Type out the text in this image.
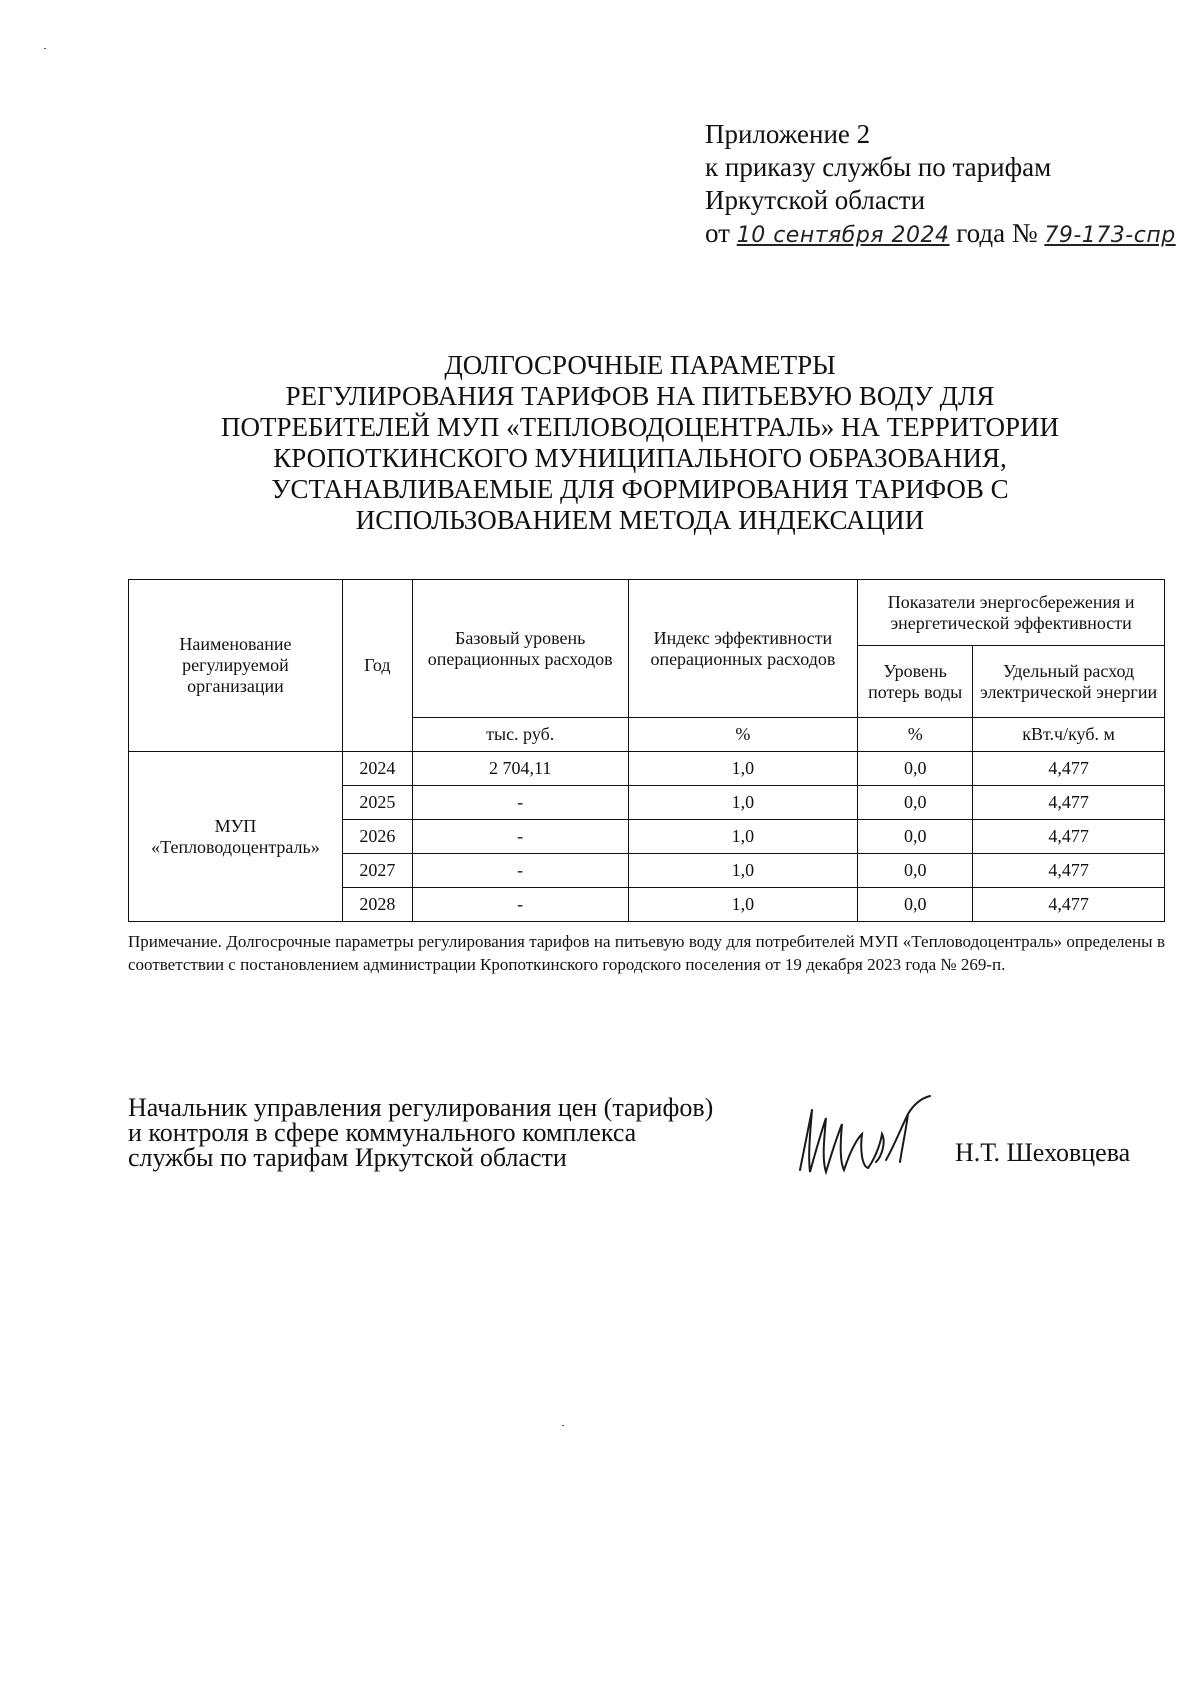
Приложение 2
к приказу службы по тарифам
Иркутской области
от 10 сентября 2024 года № 79-173-спр
ДОЛГОСРОЧНЫЕ ПАРАМЕТРЫ
РЕГУЛИРОВАНИЯ ТАРИФОВ НА ПИТЬЕВУЮ ВОДУ ДЛЯ
ПОТРЕБИТЕЛЕЙ МУП «ТЕПЛОВОДОЦЕНТРАЛЬ» НА ТЕРРИТОРИИ
КРОПОТКИНСКОГО МУНИЦИПАЛЬНОГО ОБРАЗОВАНИЯ,
УСТАНАВЛИВАЕМЫЕ ДЛЯ ФОРМИРОВАНИЯ ТАРИФОВ С
ИСПОЛЬЗОВАНИЕМ МЕТОДА ИНДЕКСАЦИИ
Наименование регулируемой организации	Год	Базовый уровень операционных расходов	Индекс эффективности операционных расходов	Показатели энергосбережения и энергетической эффективности	
				Уровень потерь воды	Удельный расход электрической энергии
		тыс. руб.	%	%	кВт.ч/куб. м
МУП «Тепловодоцентраль»	2024	2 704,11	1,0	0,0	4,477
	2025	-	1,0	0,0	4,477
	2026	-	1,0	0,0	4,477
	2027	-	1,0	0,0	4,477
	2028	-	1,0	0,0	4,477
Примечание. Долгосрочные параметры регулирования тарифов на питьевую воду для потребителей МУП «Тепловодоцентраль» определены в соответствии с постановлением администрации Кропоткинского городского поселения от 19 декабря 2023 года № 269-п.
Начальник управления регулирования цен (тарифов)
и контроля в сфере коммунального комплекса
службы по тарифам Иркутской области	Н.Т. Шеховцева
